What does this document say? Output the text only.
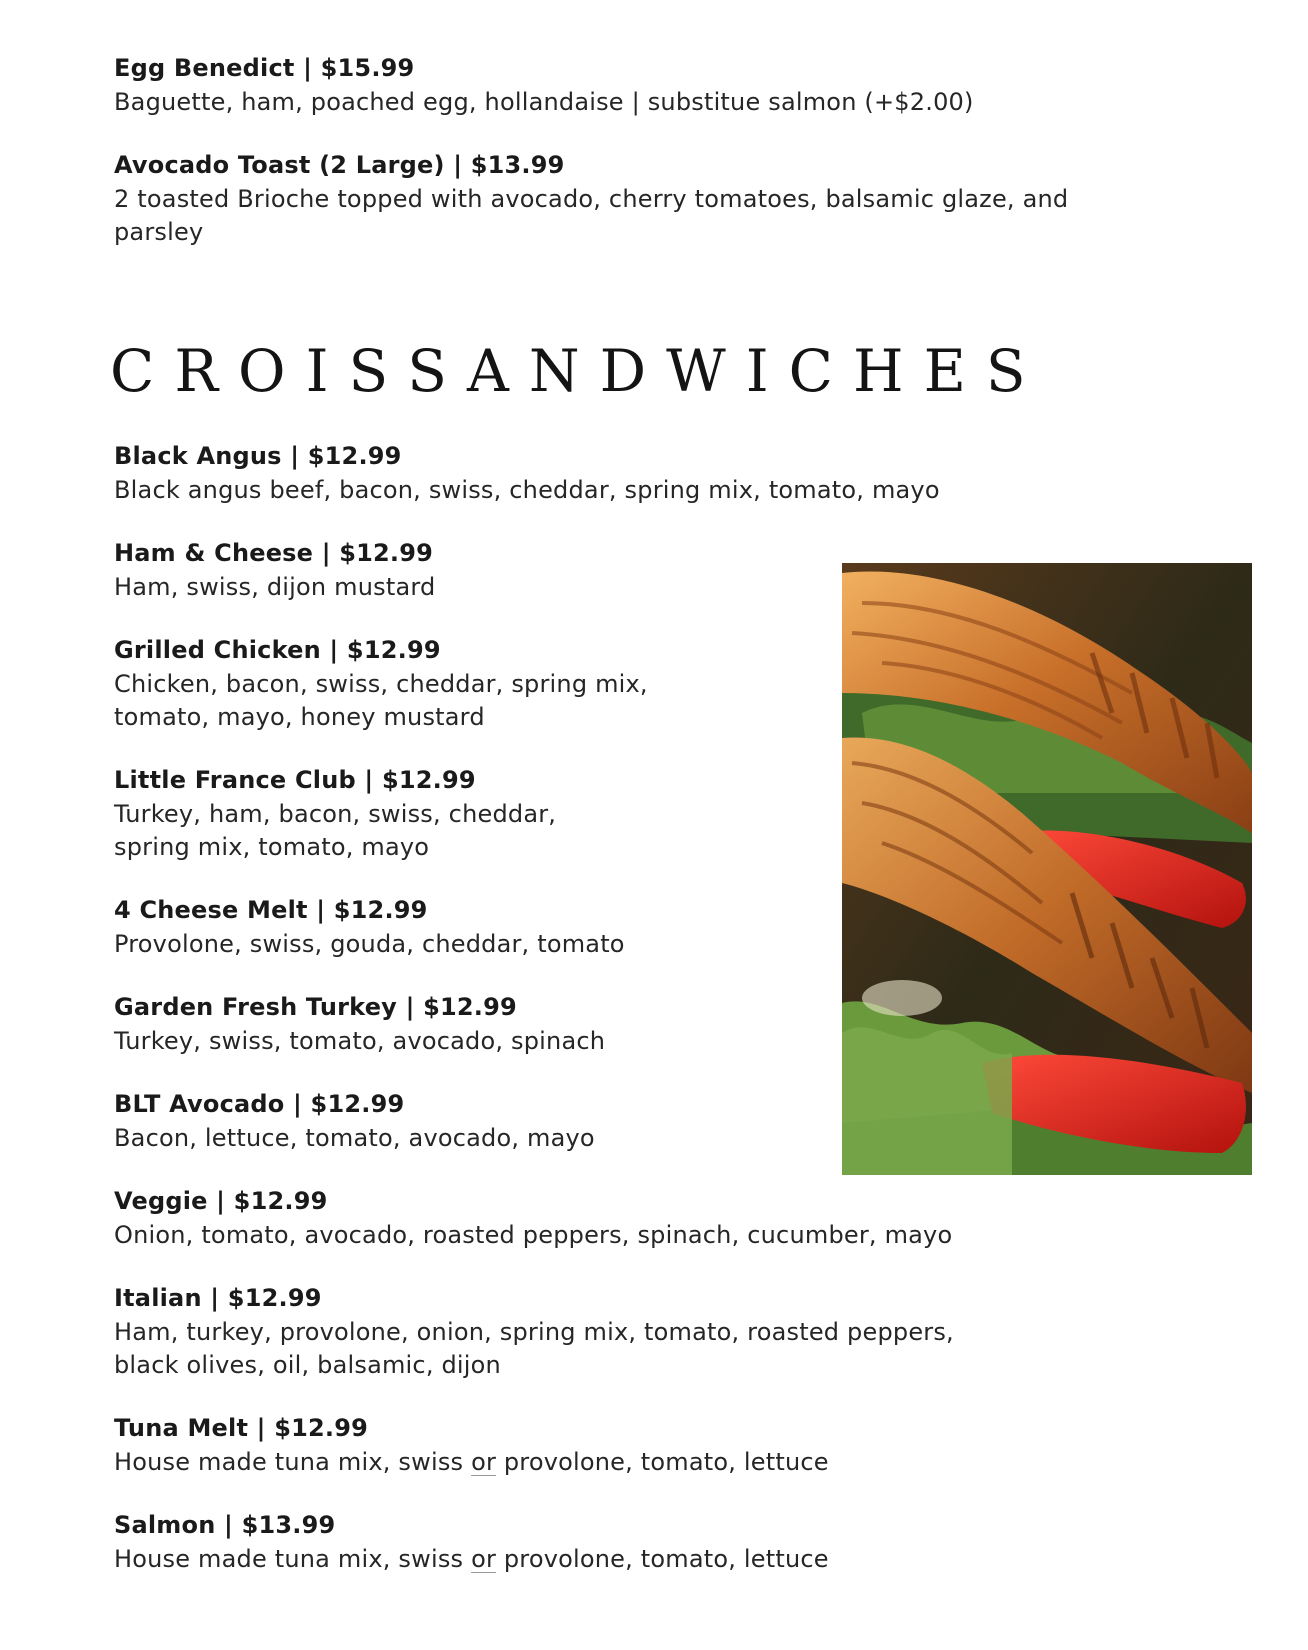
Egg Benedict | $15.99
Baguette, ham, poached egg, hollandaise | substitue salmon (+$2.00)
Avocado Toast (2 Large) | $13.99
2 toasted Brioche topped with avocado, cherry tomatoes, balsamic glaze, and parsley
CROISSANDWICHES
Black Angus | $12.99
Black angus beef, bacon, swiss, cheddar, spring mix, tomato, mayo
Ham & Cheese | $12.99
Ham, swiss, dijon mustard
Grilled Chicken | $12.99
Chicken, bacon, swiss, cheddar, spring mix,
tomato, mayo, honey mustard
Little France Club | $12.99
Turkey, ham, bacon, swiss, cheddar,
spring mix, tomato, mayo
4 Cheese Melt | $12.99
Provolone, swiss, gouda, cheddar, tomato
Garden Fresh Turkey | $12.99
Turkey, swiss, tomato, avocado, spinach
BLT Avocado | $12.99
Bacon, lettuce, tomato, avocado, mayo
Veggie | $12.99
Onion, tomato, avocado, roasted peppers, spinach, cucumber, mayo
Italian | $12.99
Ham, turkey, provolone, onion, spring mix, tomato, roasted peppers,
black olives, oil, balsamic, dijon
Tuna Melt | $12.99
House made tuna mix, swiss or provolone, tomato, lettuce
Salmon | $13.99
House made tuna mix, swiss or provolone, tomato, lettuce
